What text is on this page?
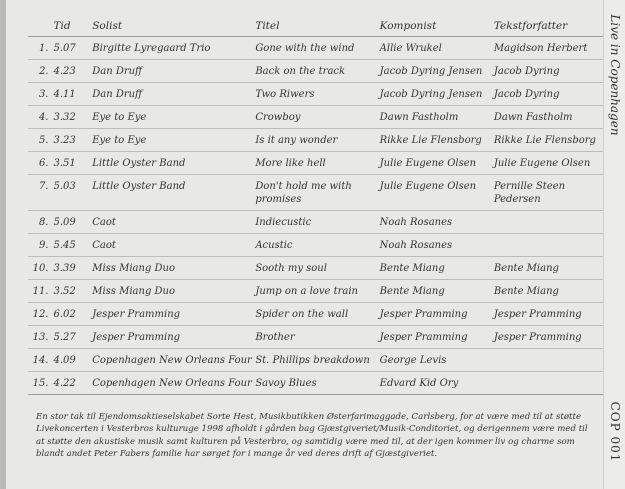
	Tid	Solist	Titel	Komponist	Tekstforfatter
1.	5.07	Birgitte Lyregaard Trio	Gone with the wind	Allie Wrukel	Magidson Herbert
2.	4.23	Dan Druff	Back on the track	Jacob Dyring Jensen	Jacob Dyring
3.	4.11	Dan Druff	Two Riwers	Jacob Dyring Jensen	Jacob Dyring
4.	3.32	Eye to Eye	Crowboy	Dawn Fastholm	Dawn Fastholm
5.	3.23	Eye to Eye	Is it any wonder	Rikke Lie Flensborg	Rikke Lie Flensborg
6.	3.51	Little Oyster Band	More like hell	Julie Eugene Olsen	Julie Eugene Olsen
7.	5.03	Little Oyster Band	Don't hold me with promises	Julie Eugene Olsen	Pernille Steen Pedersen
8.	5.09	Caot	Indiecustic	Noah Rosanes	
9.	5.45	Caot	Acustic	Noah Rosanes	
10.	3.39	Miss Miang Duo	Sooth my soul	Bente Miang	Bente Miang
11.	3.52	Miss Miang Duo	Jump on a love train	Bente Miang	Bente Miang
12.	6.02	Jesper Pramming	Spider on the wall	Jesper Pramming	Jesper Pramming
13.	5.27	Jesper Pramming	Brother	Jesper Pramming	Jesper Pramming
14.	4.09	Copenhagen New Orleans Four	St. Phillips breakdown	George Levis	
15.	4.22	Copenhagen New Orleans Four	Savoy Blues	Edvard Kid Ory	
En stor tak til Ejendomsaktieselskabet Sorte Hest, Musikbutikken Østerfarimaggade, Carlsberg, for at være med til at støtte Livekoncerten i Vesterbros kulturuge 1998 afholdt i gården bag Gjæstgiveriet/Musik-Conditoriet, og derigennem være med til at støtte den akustiske musik samt kulturen på Vesterbro, og samtidig være med til, at der igen kommer liv og charme som blandt andet Peter Fabers familie har sørget for i mange år ved deres drift af Gjæstgiveriet.
Live in Copenhagen
COP 001
